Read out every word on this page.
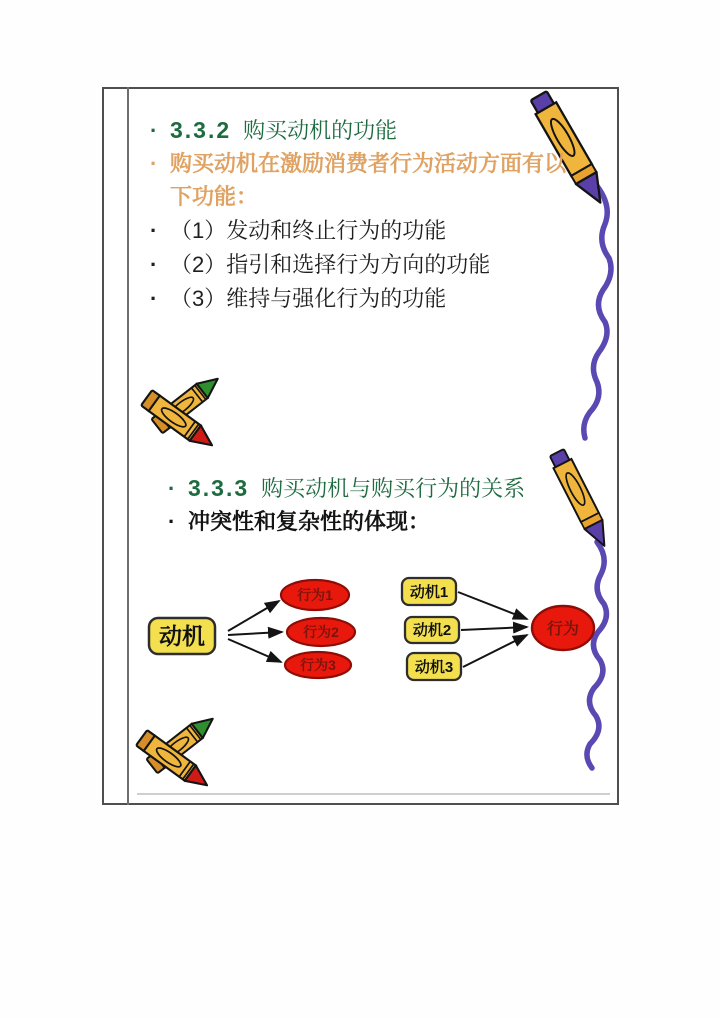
· 3.3.2 购买动机的功能
· 购买动机在激励消费者行为活动方面有以下功能：
· （1）发动和终止行为的功能
· （2）指引和选择行为方向的功能
· （3）维持与强化行为的功能
· 3.3.3 购买动机与购买行为的关系
· 冲突性和复杂性的体现：
动机
行为1
行为2
行为3
动机1
动机2
动机3
行为
